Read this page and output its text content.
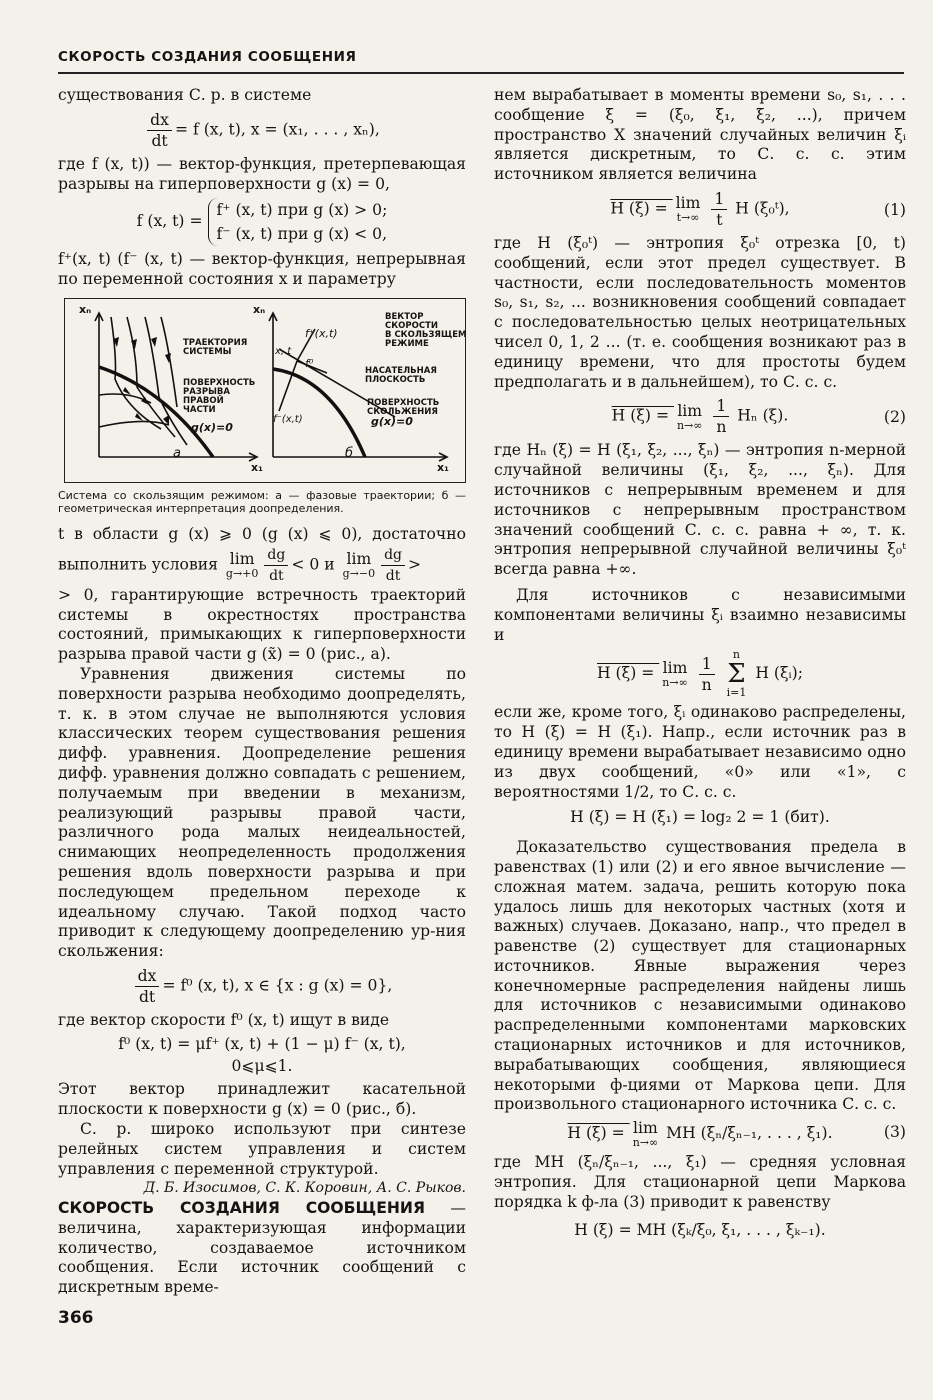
СКОРОСТЬ СОЗДАНИЯ СООБЩЕНИЯ

существования С. р. в системе

$\frac{dx}{dt} = f$ (x, t), x = (x₁, . . . , xₙ),

где f (x, t)) — вектор-функция, претерпевающая разрывы на гиперповерхности g (x) = 0,

f (x, t) =
f⁺ (x, t) при g (x) > 0;
f⁻ (x, t) при g (x) < 0,

f⁺(x, t) (f⁻ (x, t) — вектор-функция, непрерывная по переменной состояния x и параметру

xₙ
x₁
а
ТРАЕКТОРИЯ
СИСТЕМЫ
ПОВЕРХНОСТЬ
РАЗРЫВА
ПРАВОЙ
ЧАСТИ
g(x)=0
xₙ
x₁
б
f⁺(x,t)
f⁰
f⁻(x,t)
x, t
ВЕКТОР
СКОРОСТИ
В СКОЛЬЗЯЩЕМ
РЕЖИМЕ
НАСАТЕЛЬНАЯ
ПЛОСКОСТЬ
ПОВЕРХНОСТЬ
СКОЛЬЖЕНИЯ
g(x)=0

Система со скользящим режимом: a — фазовые траектории; б — геометрическая интерпретация доопределения.

t в области g (x) ⩾ 0 (g (x) ⩽ 0), достаточно выполнить условия lim
$g\to+0 \frac{dg}{dt} < 0$ и lim
$g\to-0 \frac{dg}{dt}$ >

> 0, гарантирующие встречность траекторий системы в окрестностях пространства состояний, примыкающих к гиперповерхности разрыва правой части g (x̃) = 0 (рис., а).

Уравнения движения системы по поверхности разрыва необходимо доопределять, т. к. в этом случае не выполняются условия классических теорем существования решения дифф. уравнения. Доопределение решения дифф. уравнения должно совпадать с решением, получаемым при введении в механизм, реализующий разрывы правой части, различного рода малых неидеальностей, снимающих неопределенность продолжения решения вдоль поверхности разрыва и при последующем предельном переходе к идеальному случаю. Такой подход часто приводит к следующему доопределению ур-ния скольжения:

$\frac{dx}{dt} = f^0$ (x, t), x ∈ {x : g (x) = 0},

где вектор скорости f⁰ (x, t) ищут в виде

f⁰ (x, t) = μf⁺ (x, t) + (1 − μ) f⁻ (x, t),
0⩽μ⩽1.

Этот вектор принадлежит касательной плоскости к поверхности g (x) = 0 (рис., б).

С. р. широко используют при синтезе релейных систем управления и систем управления с переменной структурой.

Д. Б. Изосимов, С. К. Коровин, А. С. Рыков.

СКОРОСТЬ СОЗДАНИЯ СООБЩЕНИЯ — величина, характеризующая информации количество, создаваемое источником сообщения. Если источник сообщений с дискретным време-

нем вырабатывает в моменты времени s₀, s₁, . . . сообщение ξ = (ξ₀, ξ₁, ξ₂, ...), причем пространство X значений случайных величин ξᵢ является дискретным, то С. с. с. этим источником является величина

H (ξ) = lim
t→∞
$\frac{1}{t}$ H (ξ₀ᵗ),	(1)

где H (ξ₀ᵗ) — энтропия ξ₀ᵗ отрезка [0, t) сообщений, если этот предел существует. В частности, если последовательность моментов s₀, s₁, s₂, ... возникновения сообщений совпадает с последовательностью целых неотрицательных чисел 0, 1, 2 ... (т. е. сообщения возникают раз в единицу времени, что для простоты будем предполагать и в дальнейшем), то С. с. с.

H (ξ) = lim
n→∞
$\frac{1}{n}$ Hₙ (ξ).	(2)

где Hₙ (ξ) = H (ξ₁, ξ₂, ..., ξₙ) — энтропия n-мерной случайной величины (ξ₁, ξ₂, ..., ξₙ). Для источников с непрерывным временем и для источников с непрерывным пространством значений сообщений С. с. с. равна + ∞, т. к. энтропия непрерывной случайной величины ξ₀ᵗ всегда равна +∞.

Для источников с независимыми компонентами величины ξᵢ взаимно независимы и

H (ξ) = lim
n→∞
$\frac{1}{n}$
	n
Σ
i=1
H (ξᵢ);

если же, кроме того, ξᵢ одинаково распределены, то H (ξ) = H (ξ₁). Напр., если источник раз в единицу времени вырабатывает независимо одно из двух сообщений, «0» или «1», с вероятностями 1/2, то С. с. с.

H (ξ) = H (ξ₁) = log₂ 2 = 1 (бит).

Доказательство существования предела в равенствах (1) или (2) и его явное вычисление — сложная матем. задача, решить которую пока удалось лишь для некоторых частных (хотя и важных) случаев. Доказано, напр., что предел в равенстве (2) существует для стационарных источников. Явные выражения через конечномерные распределения найдены лишь для источников с независимыми одинаково распределенными компонентами марковских стационарных источников и для источников, вырабатывающих сообщения, являющиеся некоторыми ф-циями от Маркова цепи. Для произвольного стационарного источника С. с. с.

H (ξ) = lim
n→∞
MH (ξₙ/ξₙ₋₁, . . . , ξ₁).	(3)

где MH (ξₙ/ξₙ₋₁, ..., ξ₁) — средняя условная энтропия. Для стационарной цепи Маркова порядка k ф-ла (3) приводит к равенству

H (ξ) = MH (ξₖ/ξ₀, ξ₁, . . . , ξₖ₋₁).
366
